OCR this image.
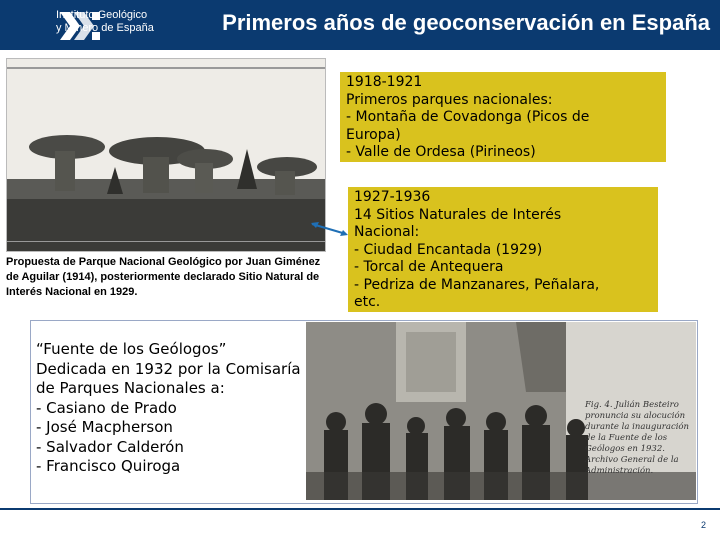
Instituto Geológico
y Minero de España	Primeros años de geoconservación en España
Propuesta de Parque Nacional Geológico por Juan Giménez de Aguilar (1914), posteriormente declarado Sitio Natural de Interés Nacional en 1929.
1918-1921
Primeros parques nacionales:
- Montaña de Covadonga (Picos de
Europa)
- Valle de Ordesa (Pirineos)
1927-1936
14 Sitios Naturales de Interés
Nacional:
- Ciudad Encantada (1929)
- Torcal de Antequera
- Pedriza de Manzanares, Peñalara,
etc.
Fig. 4. Julián Besteiro pronuncia su alocución durante la inauguración de la Fuente de los Geólogos en 1932. Archivo General de la Administración.
“Fuente de los Geólogos”
Dedicada en 1932 por la Comisaría
de Parques Nacionales a:
- Casiano de Prado
- José Macpherson
- Salvador Calderón
- Francisco Quiroga
2
